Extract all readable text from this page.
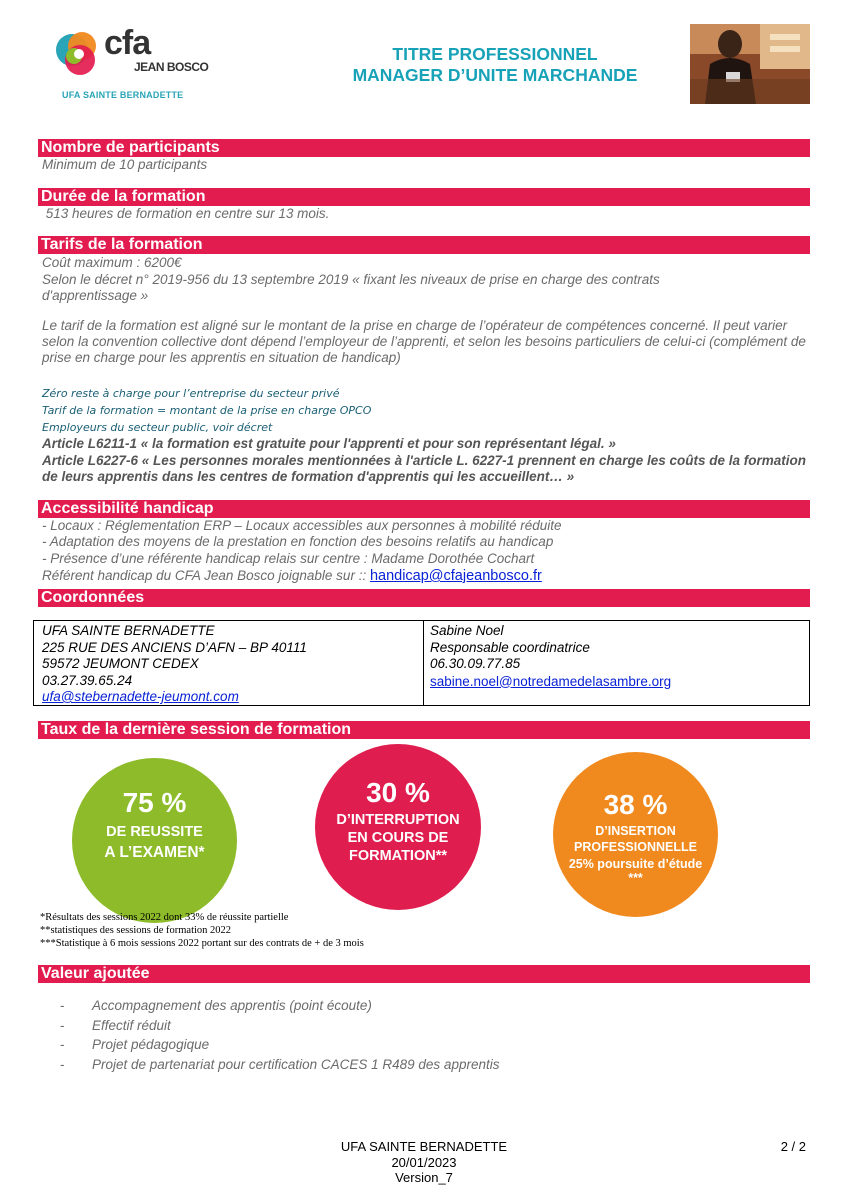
cfa
JEAN BOSCO
UFA SAINTE BERNADETTE
TITRE PROFESSIONNEL
MANAGER D’UNITE MARCHANDE
Nombre de participants
Minimum de 10 participants
Durée de la formation
513 heures de formation en centre sur 13 mois.
Tarifs de la formation
Coût maximum : 6200€
Selon le décret n° 2019-956 du 13 septembre 2019 « fixant les niveaux de prise en charge des contrats
d'apprentissage »
Le tarif de la formation est aligné sur le montant de la prise en charge de l’opérateur de compétences concerné. Il peut varier selon la convention collective dont dépend l’employeur de l’apprenti, et selon les besoins particuliers de celui-ci (complément de prise en charge pour les apprentis en situation de handicap)
Zéro reste à charge pour l’entreprise du secteur privé
Tarif de la formation = montant de la prise en charge OPCO
Employeurs du secteur public, voir décret
Article L6211-1 « la formation est gratuite pour l'apprenti et pour son représentant légal. »
Article L6227-6 « Les personnes morales mentionnées à l'article L. 6227-1 prennent en charge les coûts de la formation de leurs apprentis dans les centres de formation d'apprentis qui les accueillent… »
Accessibilité handicap
- Locaux : Réglementation ERP – Locaux accessibles aux personnes à mobilité réduite
- Adaptation des moyens de la prestation en fonction des besoins relatifs au handicap
- Présence d’une référente handicap relais sur centre : Madame Dorothée Cochart
Référent handicap du CFA Jean Bosco joignable sur :: handicap@cfajeanbosco.fr
Coordonnées
UFA SAINTE BERNADETTE
225 RUE DES ANCIENS D’AFN – BP 40111
59572 JEUMONT CEDEX
03.27.39.65.24
ufa@stebernadette-jeumont.com
Sabine Noel
Responsable coordinatrice
06.30.09.77.85
sabine.noel@notredamedelasambre.org
Taux de la dernière session de formation
75 %
DE REUSSITE
A L’EXAMEN*
30 %
D’INTERRUPTION
EN COURS DE
FORMATION**
38 %
D’INSERTION
PROFESSIONNELLE
25% poursuite d’étude
***
*Résultats des sessions 2022 dont 33% de réussite partielle
**statistiques des sessions de formation 2022
***Statistique à 6 mois sessions 2022 portant sur des contrats de + de 3 mois
Valeur ajoutée
- Accompagnement des apprentis (point écoute)
- Effectif réduit
- Projet pédagogique
- Projet de partenariat pour certification CACES 1 R489 des apprentis
UFA SAINTE BERNADETTE
20/01/2023
Version_7
2 / 2
